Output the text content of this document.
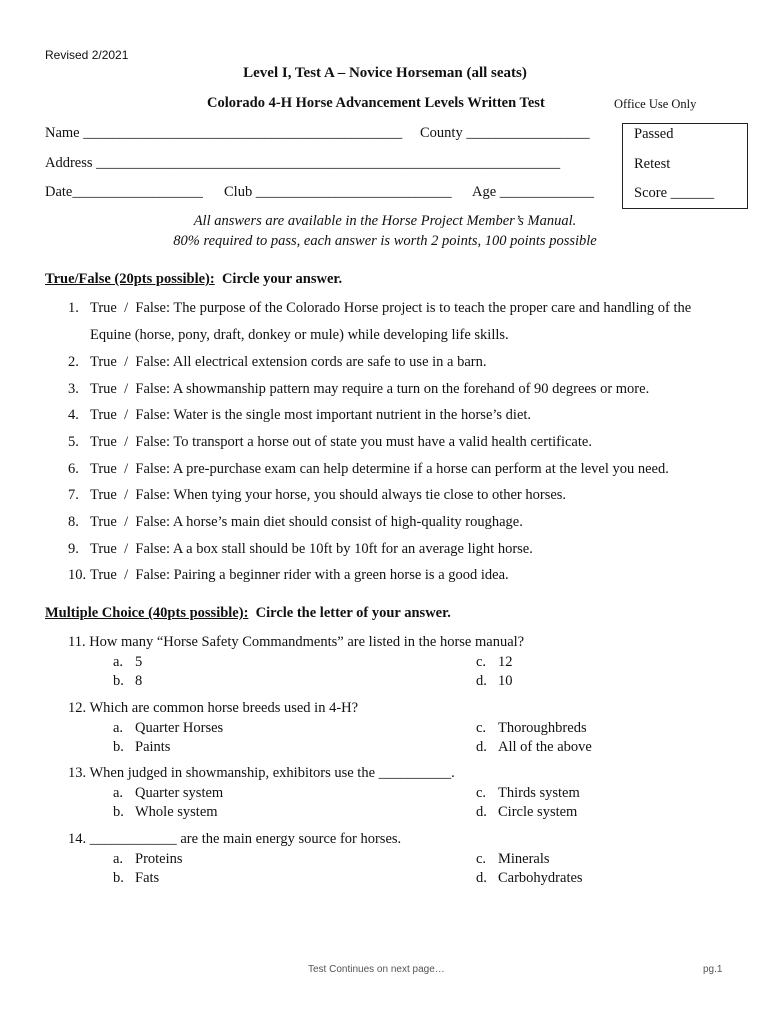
Revised 2/2021
Level I, Test A – Novice Horseman (all seats)
Colorado 4-H Horse Advancement Levels Written Test	Office Use Only
Name ____________________________________________ County _________________
Address ________________________________________________________________
Date__________________ Club ___________________________ Age _____________
Passed
Retest
Score ______
All answers are available in the Horse Project Member’s Manual.
80% required to pass, each answer is worth 2 points, 100 points possible
True/False (20pts possible): Circle your answer.
1. True  /  False: The purpose of the Colorado Horse project is to teach the proper care and handling of the
Equine (horse, pony, draft, donkey or mule) while developing life skills.
2. True  /  False: All electrical extension cords are safe to use in a barn.
3. True  /  False: A showmanship pattern may require a turn on the forehand of 90 degrees or more.
4. True  /  False: Water is the single most important nutrient in the horse’s diet.
5. True  /  False: To transport a horse out of state you must have a valid health certificate.
6. True  /  False: A pre-purchase exam can help determine if a horse can perform at the level you need.
7. True  /  False: When tying your horse, you should always tie close to other horses.
8. True  /  False: A horse’s main diet should consist of high-quality roughage.
9. True  /  False: A a box stall should be 10ft by 10ft for an average light horse.
10. True  /  False: Pairing a beginner rider with a green horse is a good idea.
Multiple Choice (40pts possible): Circle the letter of your answer.
11. How many “Horse Safety Commandments” are listed in the horse manual?
a. 5
b. 8
c. 12
d. 10
12. Which are common horse breeds used in 4-H?
a. Quarter Horses
b. Paints
c. Thoroughbreds
d. All of the above
13. When judged in showmanship, exhibitors use the __________.
a. Quarter system
b. Whole system
c. Thirds system
d. Circle system
14. ____________ are the main energy source for horses.
a. Proteins
b. Fats
c. Minerals
d. Carbohydrates
Test Continues on next page…	pg.1
